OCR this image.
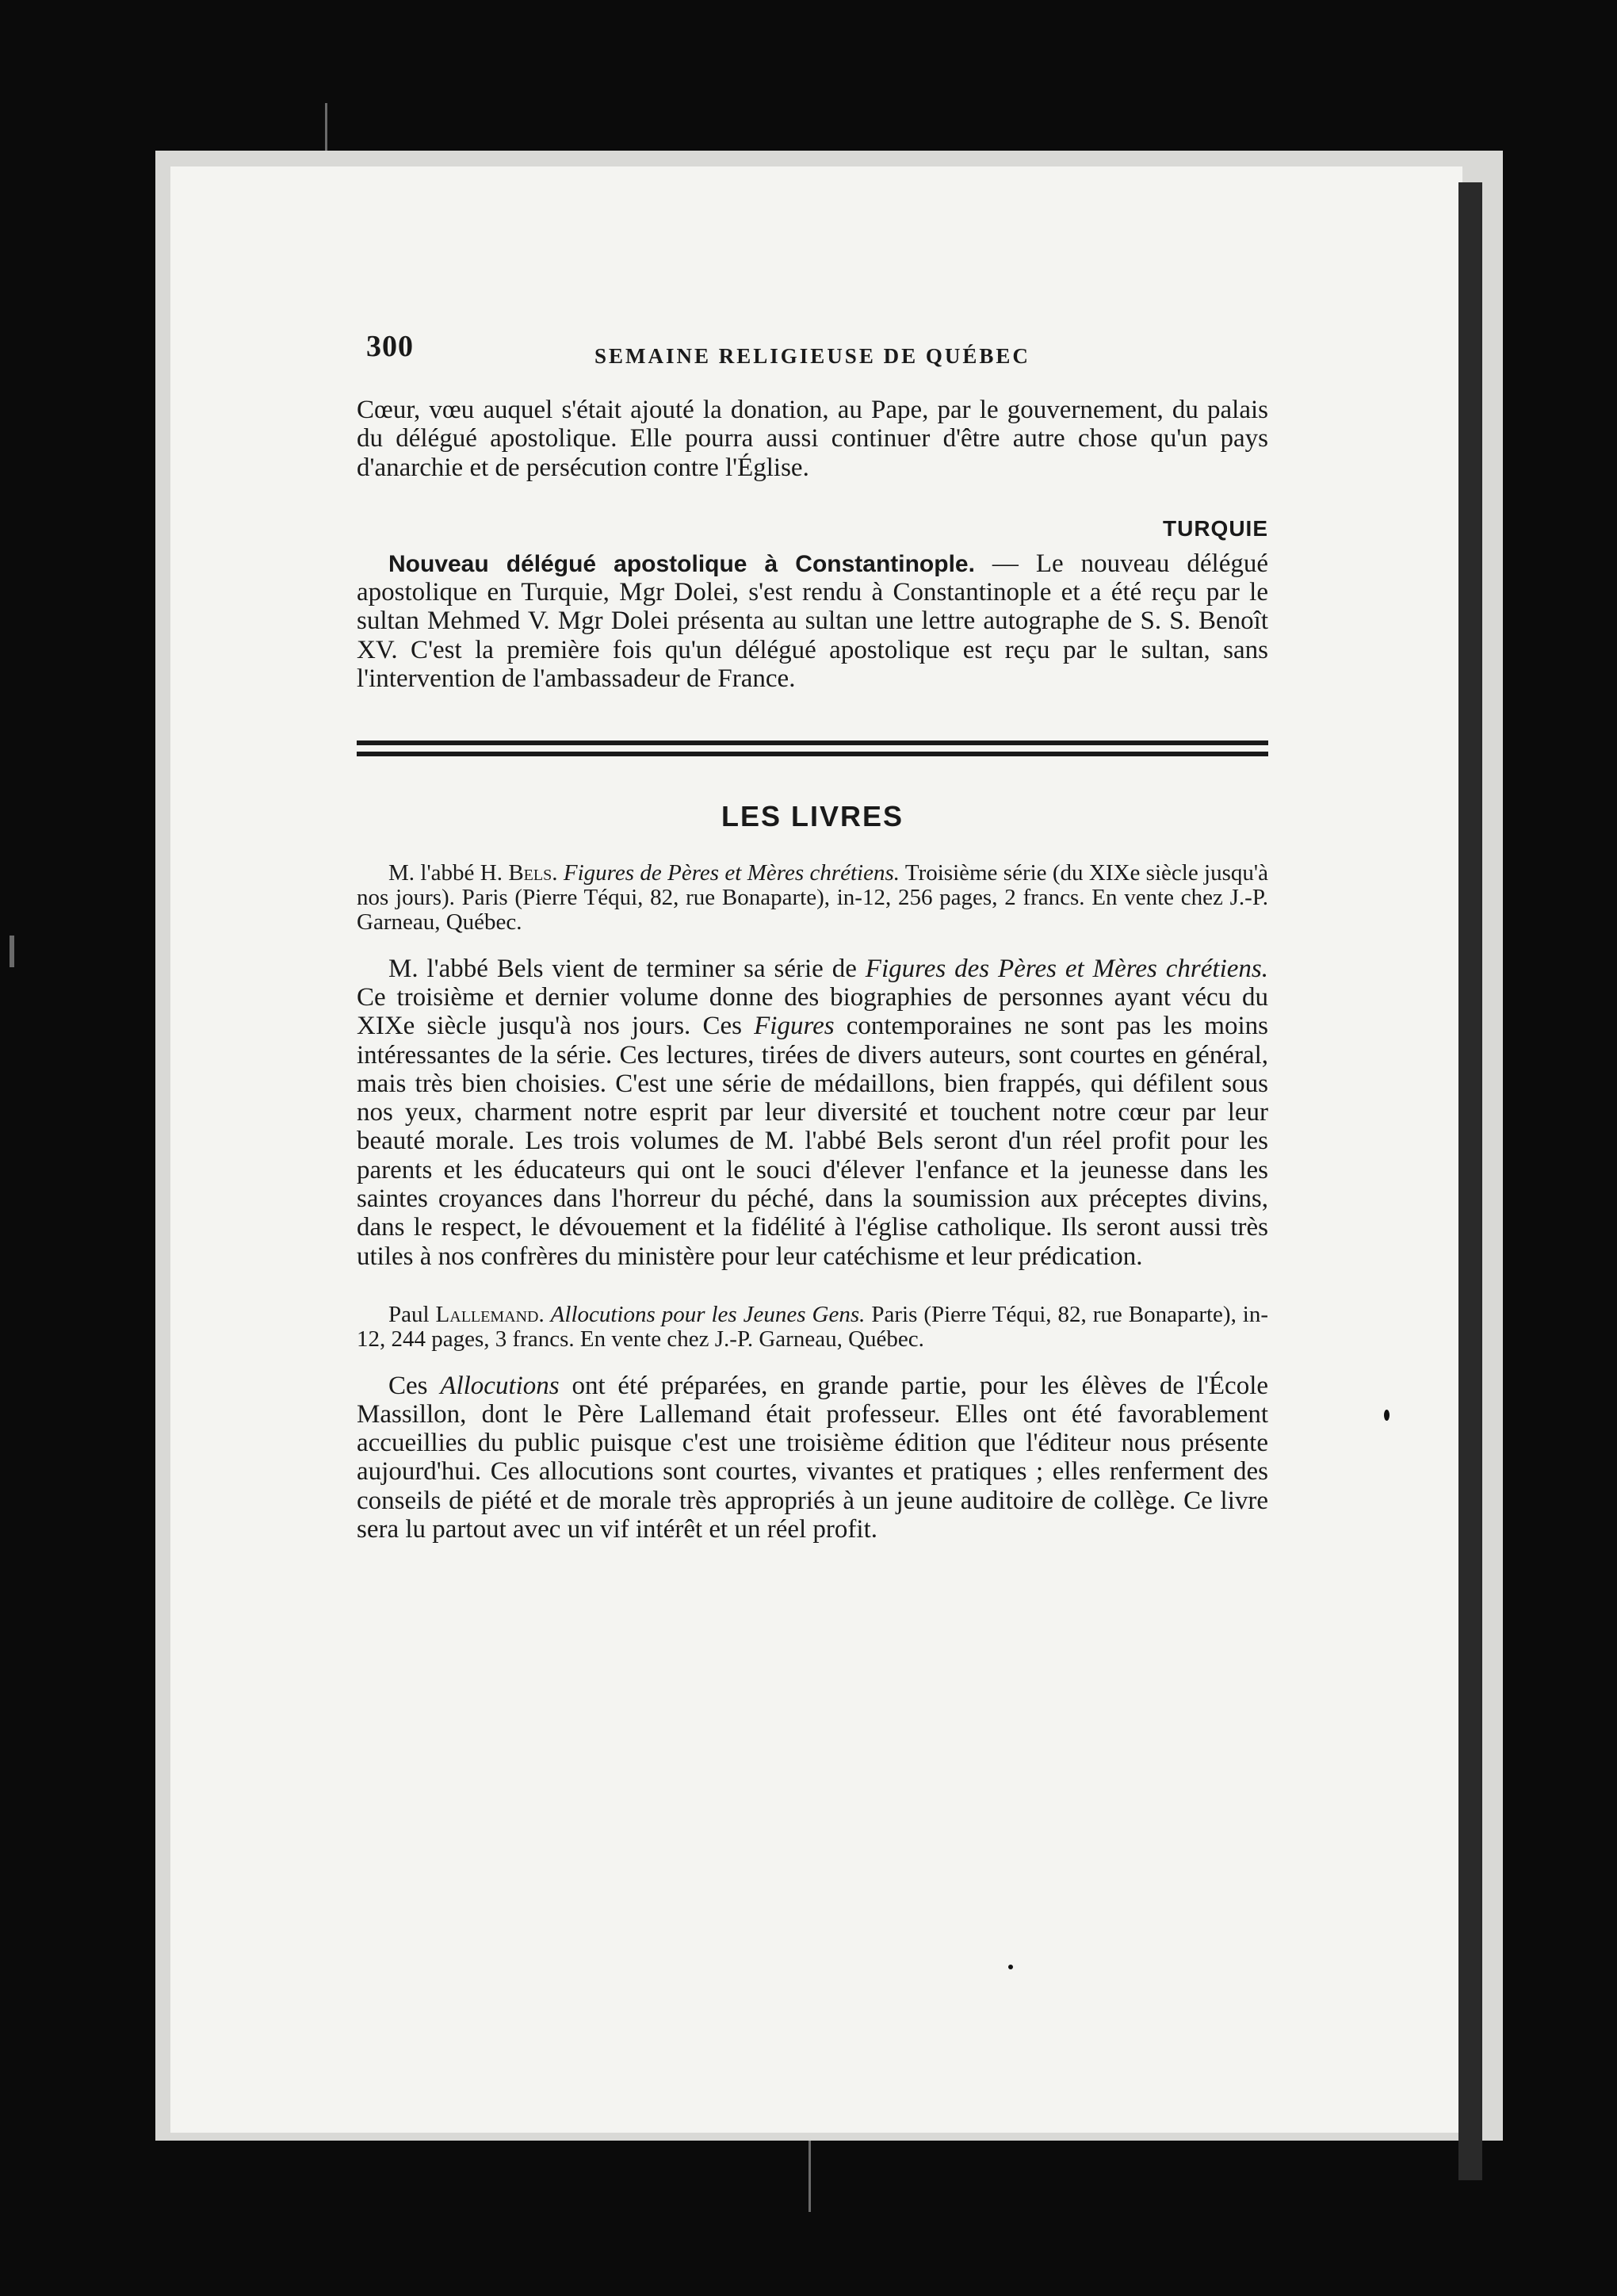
300	SEMAINE RELIGIEUSE DE QUÉBEC

Cœur, vœu auquel s'était ajouté la donation, au Pape, par le gouvernement, du palais du délégué apostolique. Elle pourra aussi continuer d'être autre chose qu'un pays d'anarchie et de persécution contre l'Église.

TURQUIE

Nouveau délégué apostolique à Constantinople. — Le nouveau délégué apostolique en Turquie, Mgr Dolei, s'est rendu à Constantinople et a été reçu par le sultan Mehmed V. Mgr Dolei présenta au sultan une lettre autographe de S. S. Benoît XV. C'est la première fois qu'un délégué apostolique est reçu par le sultan, sans l'intervention de l'ambassadeur de France.

LES LIVRES

M. l'abbé H. Bels. Figures de Pères et Mères chrétiens. Troisième série (du XIXe siècle jusqu'à nos jours). Paris (Pierre Téqui, 82, rue Bonaparte), in-12, 256 pages, 2 francs. En vente chez J.-P. Garneau, Québec.

M. l'abbé Bels vient de terminer sa série de Figures des Pères et Mères chrétiens. Ce troisième et dernier volume donne des biographies de personnes ayant vécu du XIXe siècle jusqu'à nos jours. Ces Figures contemporaines ne sont pas les moins intéressantes de la série. Ces lectures, tirées de divers auteurs, sont courtes en général, mais très bien choisies. C'est une série de médaillons, bien frappés, qui défilent sous nos yeux, charment notre esprit par leur diversité et touchent notre cœur par leur beauté morale. Les trois volumes de M. l'abbé Bels seront d'un réel profit pour les parents et les éducateurs qui ont le souci d'élever l'enfance et la jeunesse dans les saintes croyances dans l'horreur du péché, dans la soumission aux préceptes divins, dans le respect, le dévouement et la fidélité à l'église catholique. Ils seront aussi très utiles à nos confrères du ministère pour leur catéchisme et leur prédication.

Paul Lallemand. Allocutions pour les Jeunes Gens. Paris (Pierre Téqui, 82, rue Bonaparte), in-12, 244 pages, 3 francs. En vente chez J.-P. Garneau, Québec.

Ces Allocutions ont été préparées, en grande partie, pour les élèves de l'École Massillon, dont le Père Lallemand était professeur. Elles ont été favorablement accueillies du public puisque c'est une troisième édition que l'éditeur nous présente aujourd'hui. Ces allocutions sont courtes, vivantes et pratiques ; elles renferment des conseils de piété et de morale très appropriés à un jeune auditoire de collège. Ce livre sera lu partout avec un vif intérêt et un réel profit.
